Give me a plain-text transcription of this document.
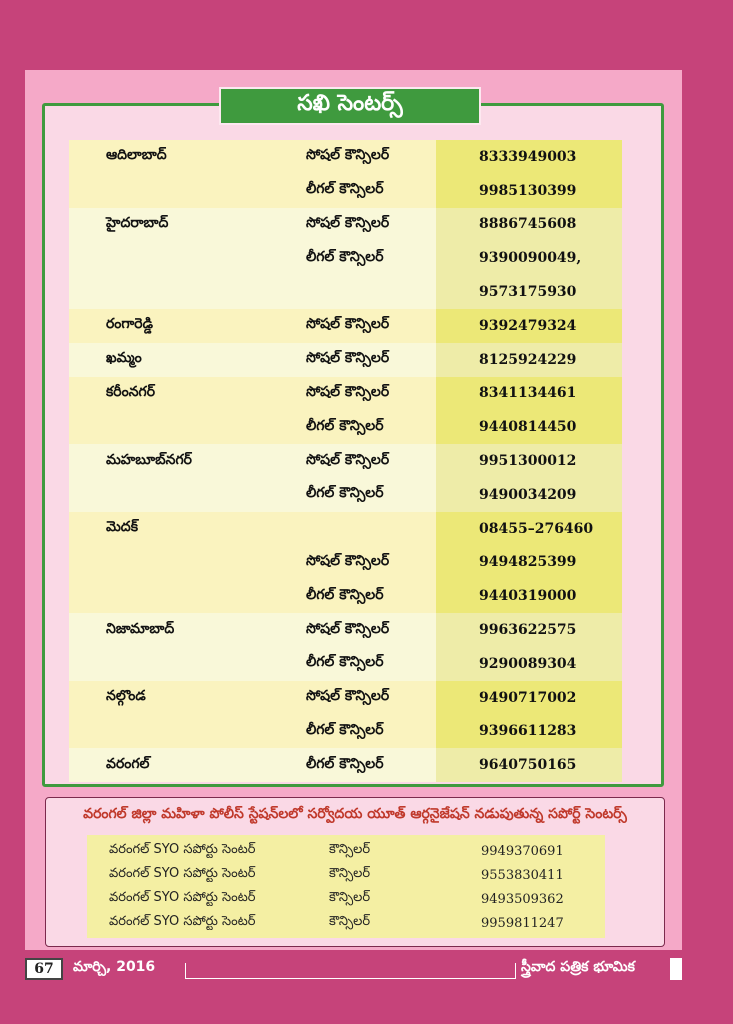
సఖి సెంటర్స్
ఆదిలాబాద్	సోషల్ కౌన్సిలర్	8333949003
లీగల్ కౌన్సిలర్	9985130399
హైదరాబాద్	సోషల్ కౌన్సిలర్	8886745608
లీగల్ కౌన్సిలర్	9390090049,
9573175930
రంగారెడ్డి	సోషల్ కౌన్సిలర్	9392479324
ఖమ్మం	సోషల్ కౌన్సిలర్	8125924229
కరీంనగర్	సోషల్ కౌన్సిలర్	8341134461
లీగల్ కౌన్సిలర్	9440814450
మహబూబ్‌నగర్	సోషల్ కౌన్సిలర్	9951300012
లీగల్ కౌన్సిలర్	9490034209
మెదక్	08455–276460
సోషల్ కౌన్సిలర్	9494825399
లీగల్ కౌన్సిలర్	9440319000
నిజామాబాద్	సోషల్ కౌన్సిలర్	9963622575
లీగల్ కౌన్సిలర్	9290089304
నల్గొండ	సోషల్ కౌన్సిలర్	9490717002
లీగల్ కౌన్సిలర్	9396611283
వరంగల్	లీగల్ కౌన్సిలర్	9640750165
వరంగల్ జిల్లా మహిళా పోలీస్ స్టేషన్‌లలో సర్వోదయ యూత్ ఆర్గనైజేషన్ నడుపుతున్న సపోర్ట్ సెంటర్స్
వరంగల్ SYO సపోర్టు సెంటర్	కౌన్సిలర్	9949370691
వరంగల్ SYO సపోర్టు సెంటర్	కౌన్సిలర్	9553830411
వరంగల్ SYO సపోర్టు సెంటర్	కౌన్సిలర్	9493509362
వరంగల్ SYO సపోర్టు సెంటర్	కౌన్సిలర్	9959811247
67	మార్చి, 2016	స్త్రీవాద పత్రిక భూమిక
